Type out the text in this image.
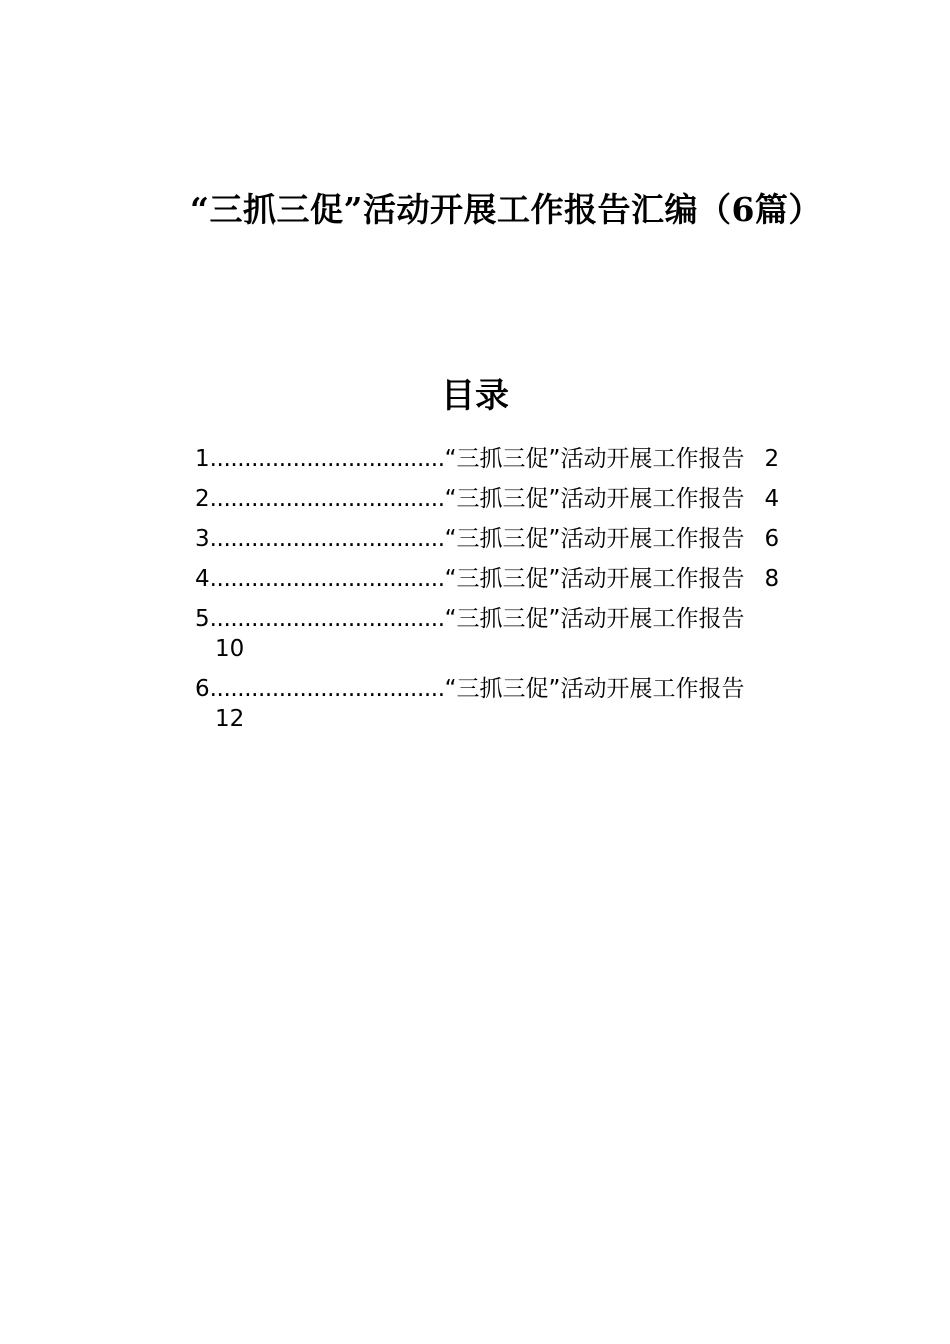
“三抓三促”活动开展工作报告汇编（6篇）
目录
1 .................................. “三抓三促”活动开展工作报告 2
2 .................................. “三抓三促”活动开展工作报告 4
3 .................................. “三抓三促”活动开展工作报告 6
4 .................................. “三抓三促”活动开展工作报告 8
5 .................................. “三抓三促”活动开展工作报告
10
6 .................................. “三抓三促”活动开展工作报告
12
